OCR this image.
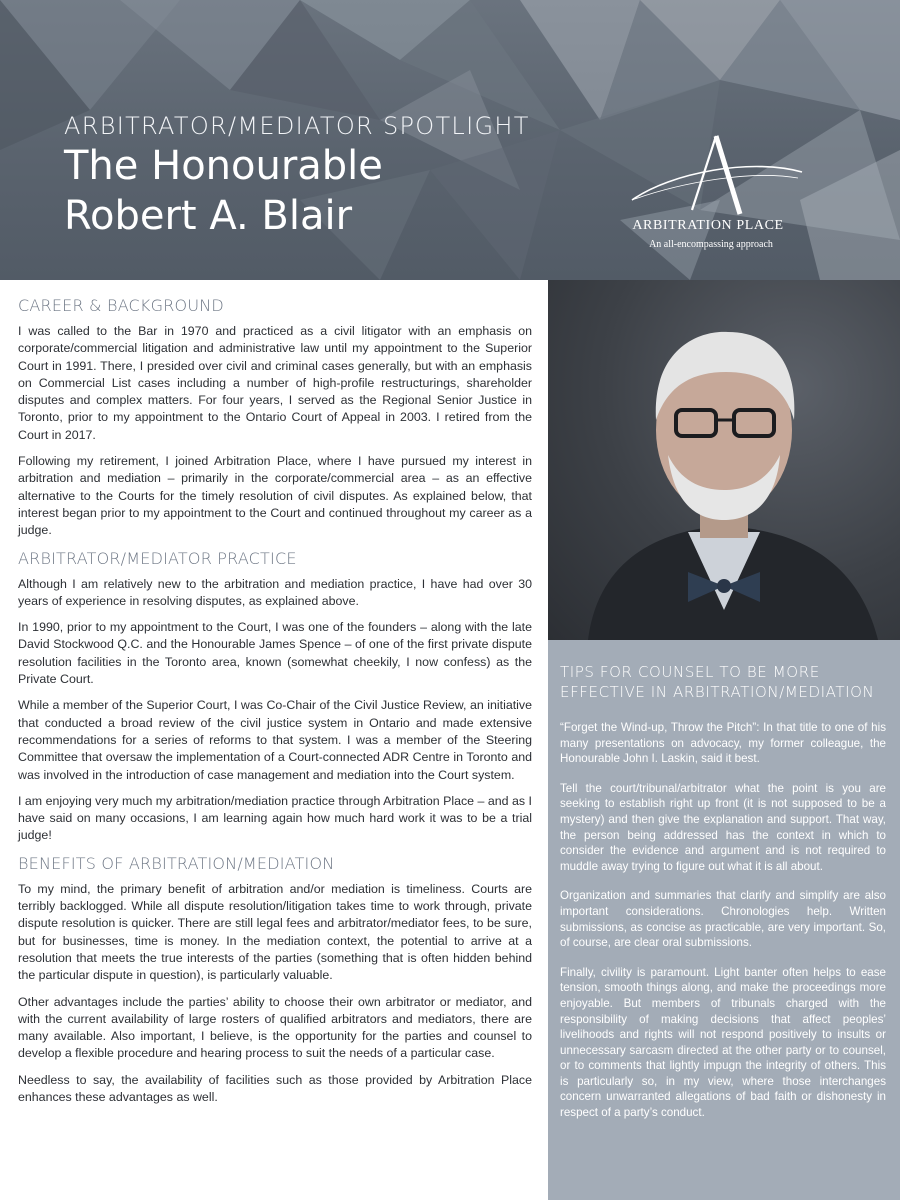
ARBITRATOR/MEDIATOR SPOTLIGHT
The Honourable
Robert A. Blair	ARBITRATION PLACE
An all-encompassing approach
CAREER & BACKGROUND

I was called to the Bar in 1970 and practiced as a civil litigator with an emphasis on corporate/commercial litigation and administrative law until my appointment to the Superior Court in 1991. There, I presided over civil and criminal cases generally, but with an emphasis on Commercial List cases including a number of high-profile restructurings, shareholder disputes and complex matters. For four years, I served as the Regional Senior Justice in Toronto, prior to my appointment to the Ontario Court of Appeal in 2003. I retired from the Court in 2017.

Following my retirement, I joined Arbitration Place, where I have pursued my interest in arbitration and mediation – primarily in the corporate/commercial area – as an effective alternative to the Courts for the timely resolution of civil disputes. As explained below, that interest began prior to my appointment to the Court and continued throughout my career as a judge.

ARBITRATOR/MEDIATOR PRACTICE

Although I am relatively new to the arbitration and mediation practice, I have had over 30 years of experience in resolving disputes, as explained above.

In 1990, prior to my appointment to the Court, I was one of the founders – along with the late David Stockwood Q.C. and the Honourable James Spence – of one of the first private dispute resolution facilities in the Toronto area, known (somewhat cheekily, I now confess) as the Private Court.

While a member of the Superior Court, I was Co-Chair of the Civil Justice Review, an initiative that conducted a broad review of the civil justice system in Ontario and made extensive recommendations for a series of reforms to that system. I was a member of the Steering Committee that oversaw the implementation of a Court-connected ADR Centre in Toronto and was involved in the introduction of case management and mediation into the Court system.

I am enjoying very much my arbitration/mediation practice through Arbitration Place – and as I have said on many occasions, I am learning again how much hard work it was to be a trial judge!

BENEFITS OF ARBITRATION/MEDIATION

To my mind, the primary benefit of arbitration and/or mediation is timeliness. Courts are terribly backlogged. While all dispute resolution/litigation takes time to work through, private dispute resolution is quicker. There are still legal fees and arbitrator/mediator fees, to be sure, but for businesses, time is money. In the mediation context, the potential to arrive at a resolution that meets the true interests of the parties (something that is often hidden behind the particular dispute in question), is particularly valuable.

Other advantages include the parties’ ability to choose their own arbitrator or mediator, and with the current availability of large rosters of qualified arbitrators and mediators, there are many available. Also important, I believe, is the opportunity for the parties and counsel to develop a flexible procedure and hearing process to suit the needs of a particular case.

Needless to say, the availability of facilities such as those provided by Arbitration Place enhances these advantages as well.

TIPS FOR COUNSEL TO BE MORE
EFFECTIVE IN ARBITRATION/MEDIATION

“Forget the Wind-up, Throw the Pitch”: In that title to one of his many presentations on advocacy, my former colleague, the Honourable John I. Laskin, said it best.

Tell the court/tribunal/arbitrator what the point is you are seeking to establish right up front (it is not supposed to be a mystery) and then give the explanation and support. That way, the person being addressed has the context in which to consider the evidence and argument and is not required to muddle away trying to figure out what it is all about.

Organization and summaries that clarify and simplify are also important considerations. Chronologies help. Written submissions, as concise as practicable, are very important. So, of course, are clear oral submissions.

Finally, civility is paramount. Light banter often helps to ease tension, smooth things along, and make the proceedings more enjoyable. But members of tribunals charged with the responsibility of making decisions that affect peoples’ livelihoods and rights will not respond positively to insults or unnecessary sarcasm directed at the other party or to counsel, or to comments that lightly impugn the integrity of others. This is particularly so, in my view, where those interchanges concern unwarranted allegations of bad faith or dishonesty in respect of a party’s conduct.
